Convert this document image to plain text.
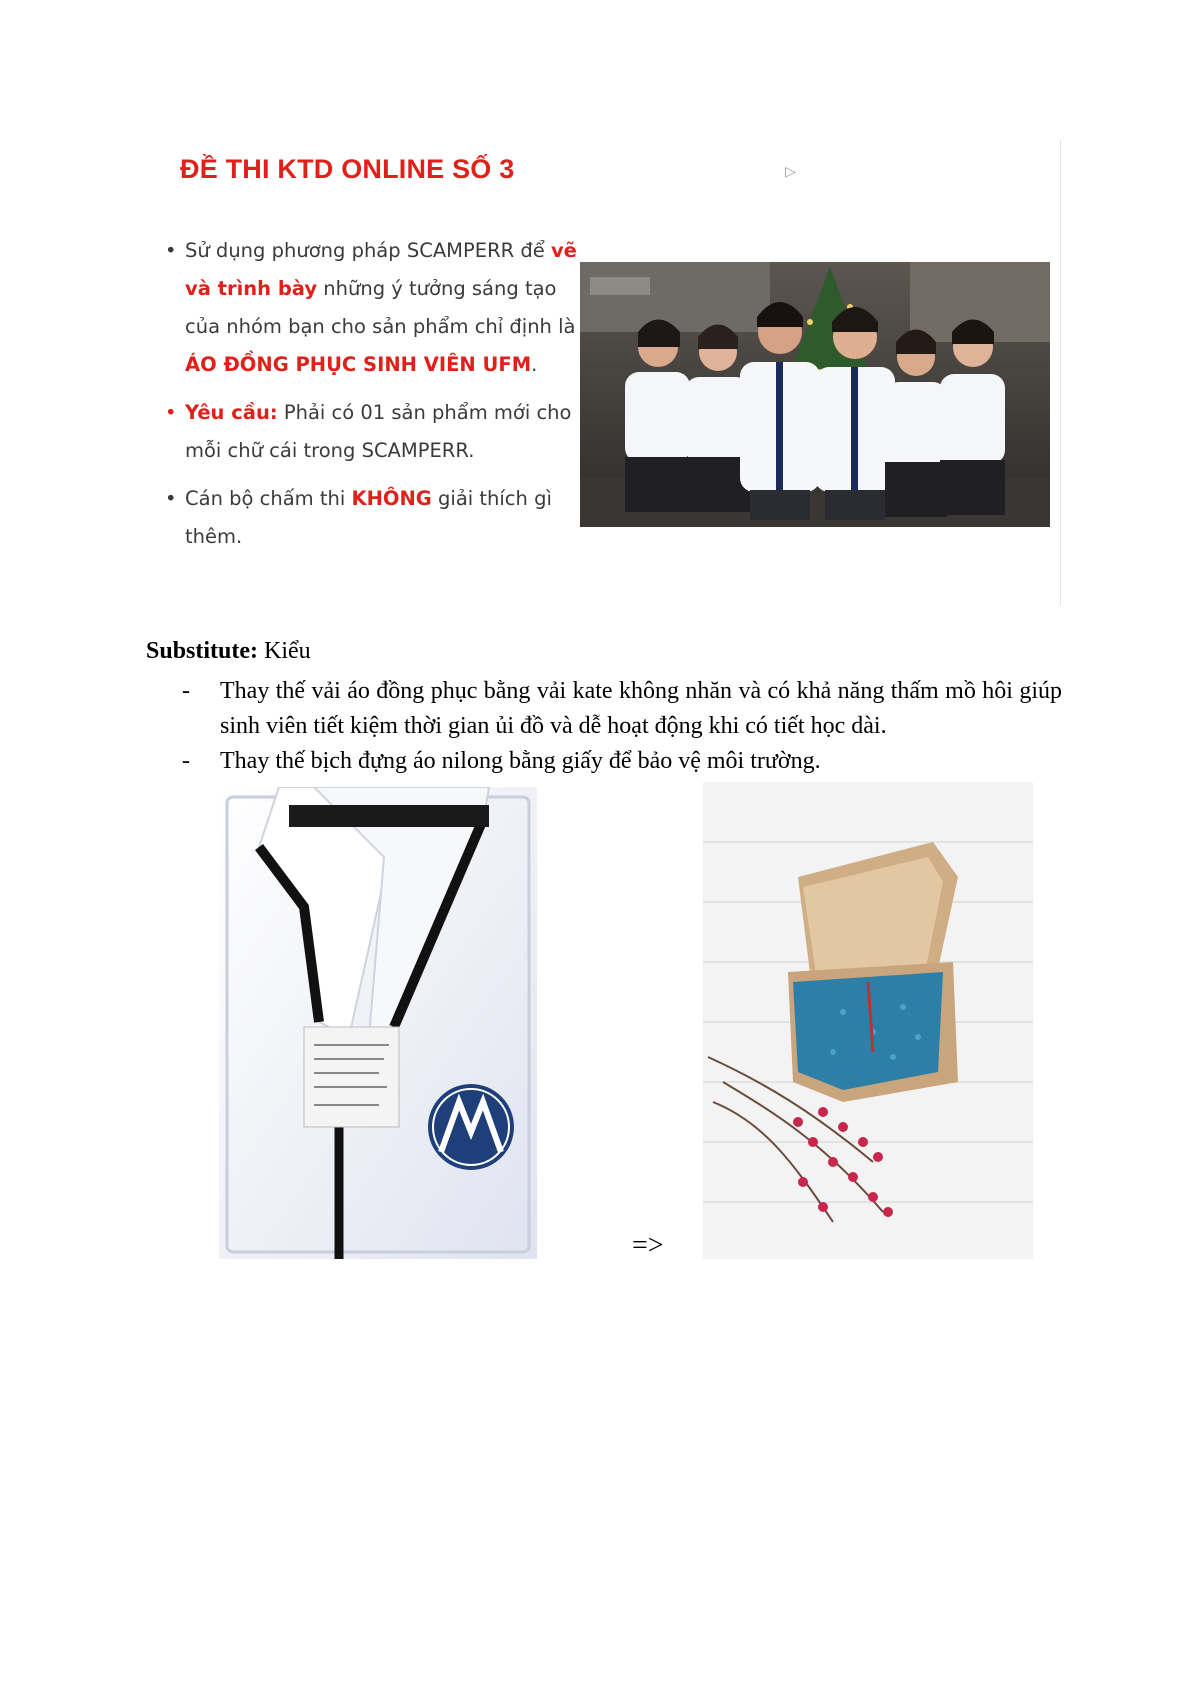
ĐỀ THI KTD ONLINE SỐ 3	▷
• Sử dụng phương pháp SCAMPERR để vẽ và trình bày những ý tưởng sáng tạo của nhóm bạn cho sản phẩm chỉ định là ÁO ĐỒNG PHỤC SINH VIÊN UFM.
• Yêu cầu: Phải có 01 sản phẩm mới cho mỗi chữ cái trong SCAMPERR.
• Cán bộ chấm thi KHÔNG giải thích gì thêm.
Substitute: Kiểu
- Thay thế vải áo đồng phục bằng vải kate không nhăn và có khả năng thấm mồ hôi giúp sinh viên tiết kiệm thời gian ủi đồ và dễ hoạt động khi có tiết học dài.
- Thay thế bịch đựng áo nilong bằng giấy để bảo vệ môi trường.
=>
